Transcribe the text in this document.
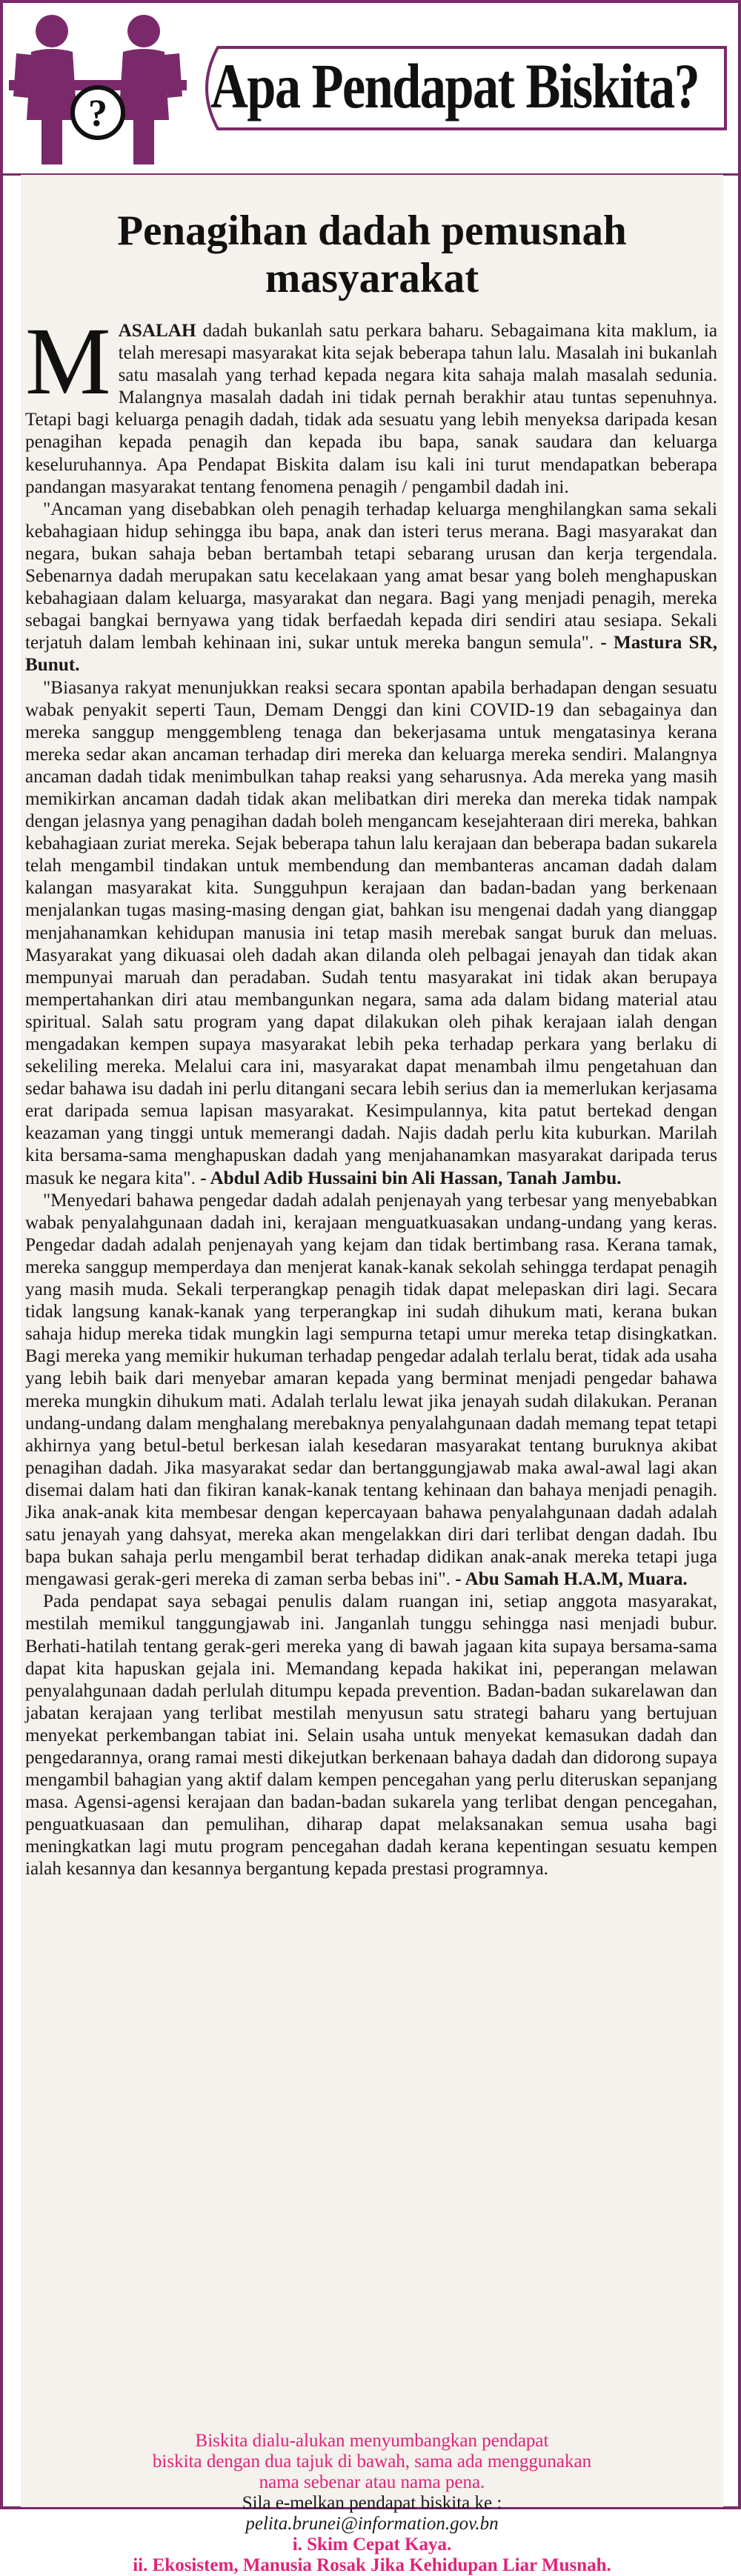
? Apa Pendapat Biskita?
Penagihan dadah pemusnah masyarakat

MASALAH dadah bukanlah satu perkara baharu. Sebagaimana kita maklum, ia telah meresapi masyarakat kita sejak beberapa tahun lalu. Masalah ini bukanlah satu masalah yang terhad kepada negara kita sahaja malah masalah sedunia. Malangnya masalah dadah ini tidak pernah berakhir atau tuntas sepenuhnya. Tetapi bagi keluarga penagih dadah, tidak ada sesuatu yang lebih menyeksa daripada kesan penagihan kepada penagih dan kepada ibu bapa, sanak saudara dan keluarga keseluruhannya. Apa Pendapat Biskita dalam isu kali ini turut mendapatkan beberapa pandangan masyarakat tentang fenomena penagih / pengambil dadah ini.

"Ancaman yang disebabkan oleh penagih terhadap keluarga menghilangkan sama sekali kebahagiaan hidup sehingga ibu bapa, anak dan isteri terus merana. Bagi masyarakat dan negara, bukan sahaja beban bertambah tetapi sebarang urusan dan kerja tergendala. Sebenarnya dadah merupakan satu kecelakaan yang amat besar yang boleh menghapuskan kebahagiaan dalam keluarga, masyarakat dan negara. Bagi yang menjadi penagih, mereka sebagai bangkai bernyawa yang tidak berfaedah kepada diri sendiri atau sesiapa. Sekali terjatuh dalam lembah kehinaan ini, sukar untuk mereka bangun semula". - Mastura SR, Bunut.

"Biasanya rakyat menunjukkan reaksi secara spontan apabila berhadapan dengan sesuatu wabak penyakit seperti Taun, Demam Denggi dan kini COVID-19 dan sebagainya dan mereka sanggup menggembleng tenaga dan bekerjasama untuk mengatasinya kerana mereka sedar akan ancaman terhadap diri mereka dan keluarga mereka sendiri. Malangnya ancaman dadah tidak menimbulkan tahap reaksi yang seharusnya. Ada mereka yang masih memikirkan ancaman dadah tidak akan melibatkan diri mereka dan mereka tidak nampak dengan jelasnya yang penagihan dadah boleh mengancam kesejahteraan diri mereka, bahkan kebahagiaan zuriat mereka. Sejak beberapa tahun lalu kerajaan dan beberapa badan sukarela telah mengambil tindakan untuk membendung dan membanteras ancaman dadah dalam kalangan masyarakat kita. Sungguhpun kerajaan dan badan-badan yang berkenaan menjalankan tugas masing-masing dengan giat, bahkan isu mengenai dadah yang dianggap menjahanamkan kehidupan manusia ini tetap masih merebak sangat buruk dan meluas. Masyarakat yang dikuasai oleh dadah akan dilanda oleh pelbagai jenayah dan tidak akan mempunyai maruah dan peradaban. Sudah tentu masyarakat ini tidak akan berupaya mempertahankan diri atau membangunkan negara, sama ada dalam bidang material atau spiritual. Salah satu program yang dapat dilakukan oleh pihak kerajaan ialah dengan mengadakan kempen supaya masyarakat lebih peka terhadap perkara yang berlaku di sekeliling mereka. Melalui cara ini, masyarakat dapat menambah ilmu pengetahuan dan sedar bahawa isu dadah ini perlu ditangani secara lebih serius dan ia memerlukan kerjasama erat daripada semua lapisan masyarakat. Kesimpulannya, kita patut bertekad dengan keazaman yang tinggi untuk memerangi dadah. Najis dadah perlu kita kuburkan. Marilah kita bersama-sama menghapuskan dadah yang menjahanamkan masyarakat daripada terus masuk ke negara kita". - Abdul Adib Hussaini bin Ali Hassan, Tanah Jambu.

"Menyedari bahawa pengedar dadah adalah penjenayah yang terbesar yang menyebabkan wabak penyalahgunaan dadah ini, kerajaan menguatkuasakan undang-undang yang keras. Pengedar dadah adalah penjenayah yang kejam dan tidak bertimbang rasa. Kerana tamak, mereka sanggup memperdaya dan menjerat kanak-kanak sekolah sehingga terdapat penagih yang masih muda. Sekali terperangkap penagih tidak dapat melepaskan diri lagi. Secara tidak langsung kanak-kanak yang terperangkap ini sudah dihukum mati, kerana bukan sahaja hidup mereka tidak mungkin lagi sempurna tetapi umur mereka tetap disingkatkan. Bagi mereka yang memikir hukuman terhadap pengedar adalah terlalu berat, tidak ada usaha yang lebih baik dari menyebar amaran kepada yang berminat menjadi pengedar bahawa mereka mungkin dihukum mati. Adalah terlalu lewat jika jenayah sudah dilakukan. Peranan undang-undang dalam menghalang merebaknya penyalahgunaan dadah memang tepat tetapi akhirnya yang betul-betul berkesan ialah kesedaran masyarakat tentang buruknya akibat penagihan dadah. Jika masyarakat sedar dan bertanggungjawab maka awal-awal lagi akan disemai dalam hati dan fikiran kanak-kanak tentang kehinaan dan bahaya menjadi penagih. Jika anak-anak kita membesar dengan kepercayaan bahawa penyalahgunaan dadah adalah satu jenayah yang dahsyat, mereka akan mengelakkan diri dari terlibat dengan dadah. Ibu bapa bukan sahaja perlu mengambil berat terhadap didikan anak-anak mereka tetapi juga mengawasi gerak-geri mereka di zaman serba bebas ini". - Abu Samah H.A.M, Muara.

Pada pendapat saya sebagai penulis dalam ruangan ini, setiap anggota masyarakat, mestilah memikul tanggungjawab ini. Janganlah tunggu sehingga nasi menjadi bubur. Berhati-hatilah tentang gerak-geri mereka yang di bawah jagaan kita supaya bersama-sama dapat kita hapuskan gejala ini. Memandang kepada hakikat ini, peperangan melawan penyalahgunaan dadah perlulah ditumpu kepada prevention. Badan-badan sukarelawan dan jabatan kerajaan yang terlibat mestilah menyusun satu strategi baharu yang bertujuan menyekat perkembangan tabiat ini. Selain usaha untuk menyekat kemasukan dadah dan pengedarannya, orang ramai mesti dikejutkan berkenaan bahaya dadah dan didorong supaya mengambil bahagian yang aktif dalam kempen pencegahan yang perlu diteruskan sepanjang masa. Agensi-agensi kerajaan dan badan-badan sukarela yang terlibat dengan pencegahan, penguatkuasaan dan pemulihan, diharap dapat melaksanakan semua usaha bagi meningkatkan lagi mutu program pencegahan dadah kerana kepentingan sesuatu kempen ialah kesannya dan kesannya bergantung kepada prestasi programnya.

Biskita dialu-alukan menyumbangkan pendapat
biskita dengan dua tajuk di bawah, sama ada menggunakan
nama sebenar atau nama pena.
Sila e-melkan pendapat biskita ke :
pelita.brunei@information.gov.bn
i. Skim Cepat Kaya.
ii. Ekosistem, Manusia Rosak Jika Kehidupan Liar Musnah.
